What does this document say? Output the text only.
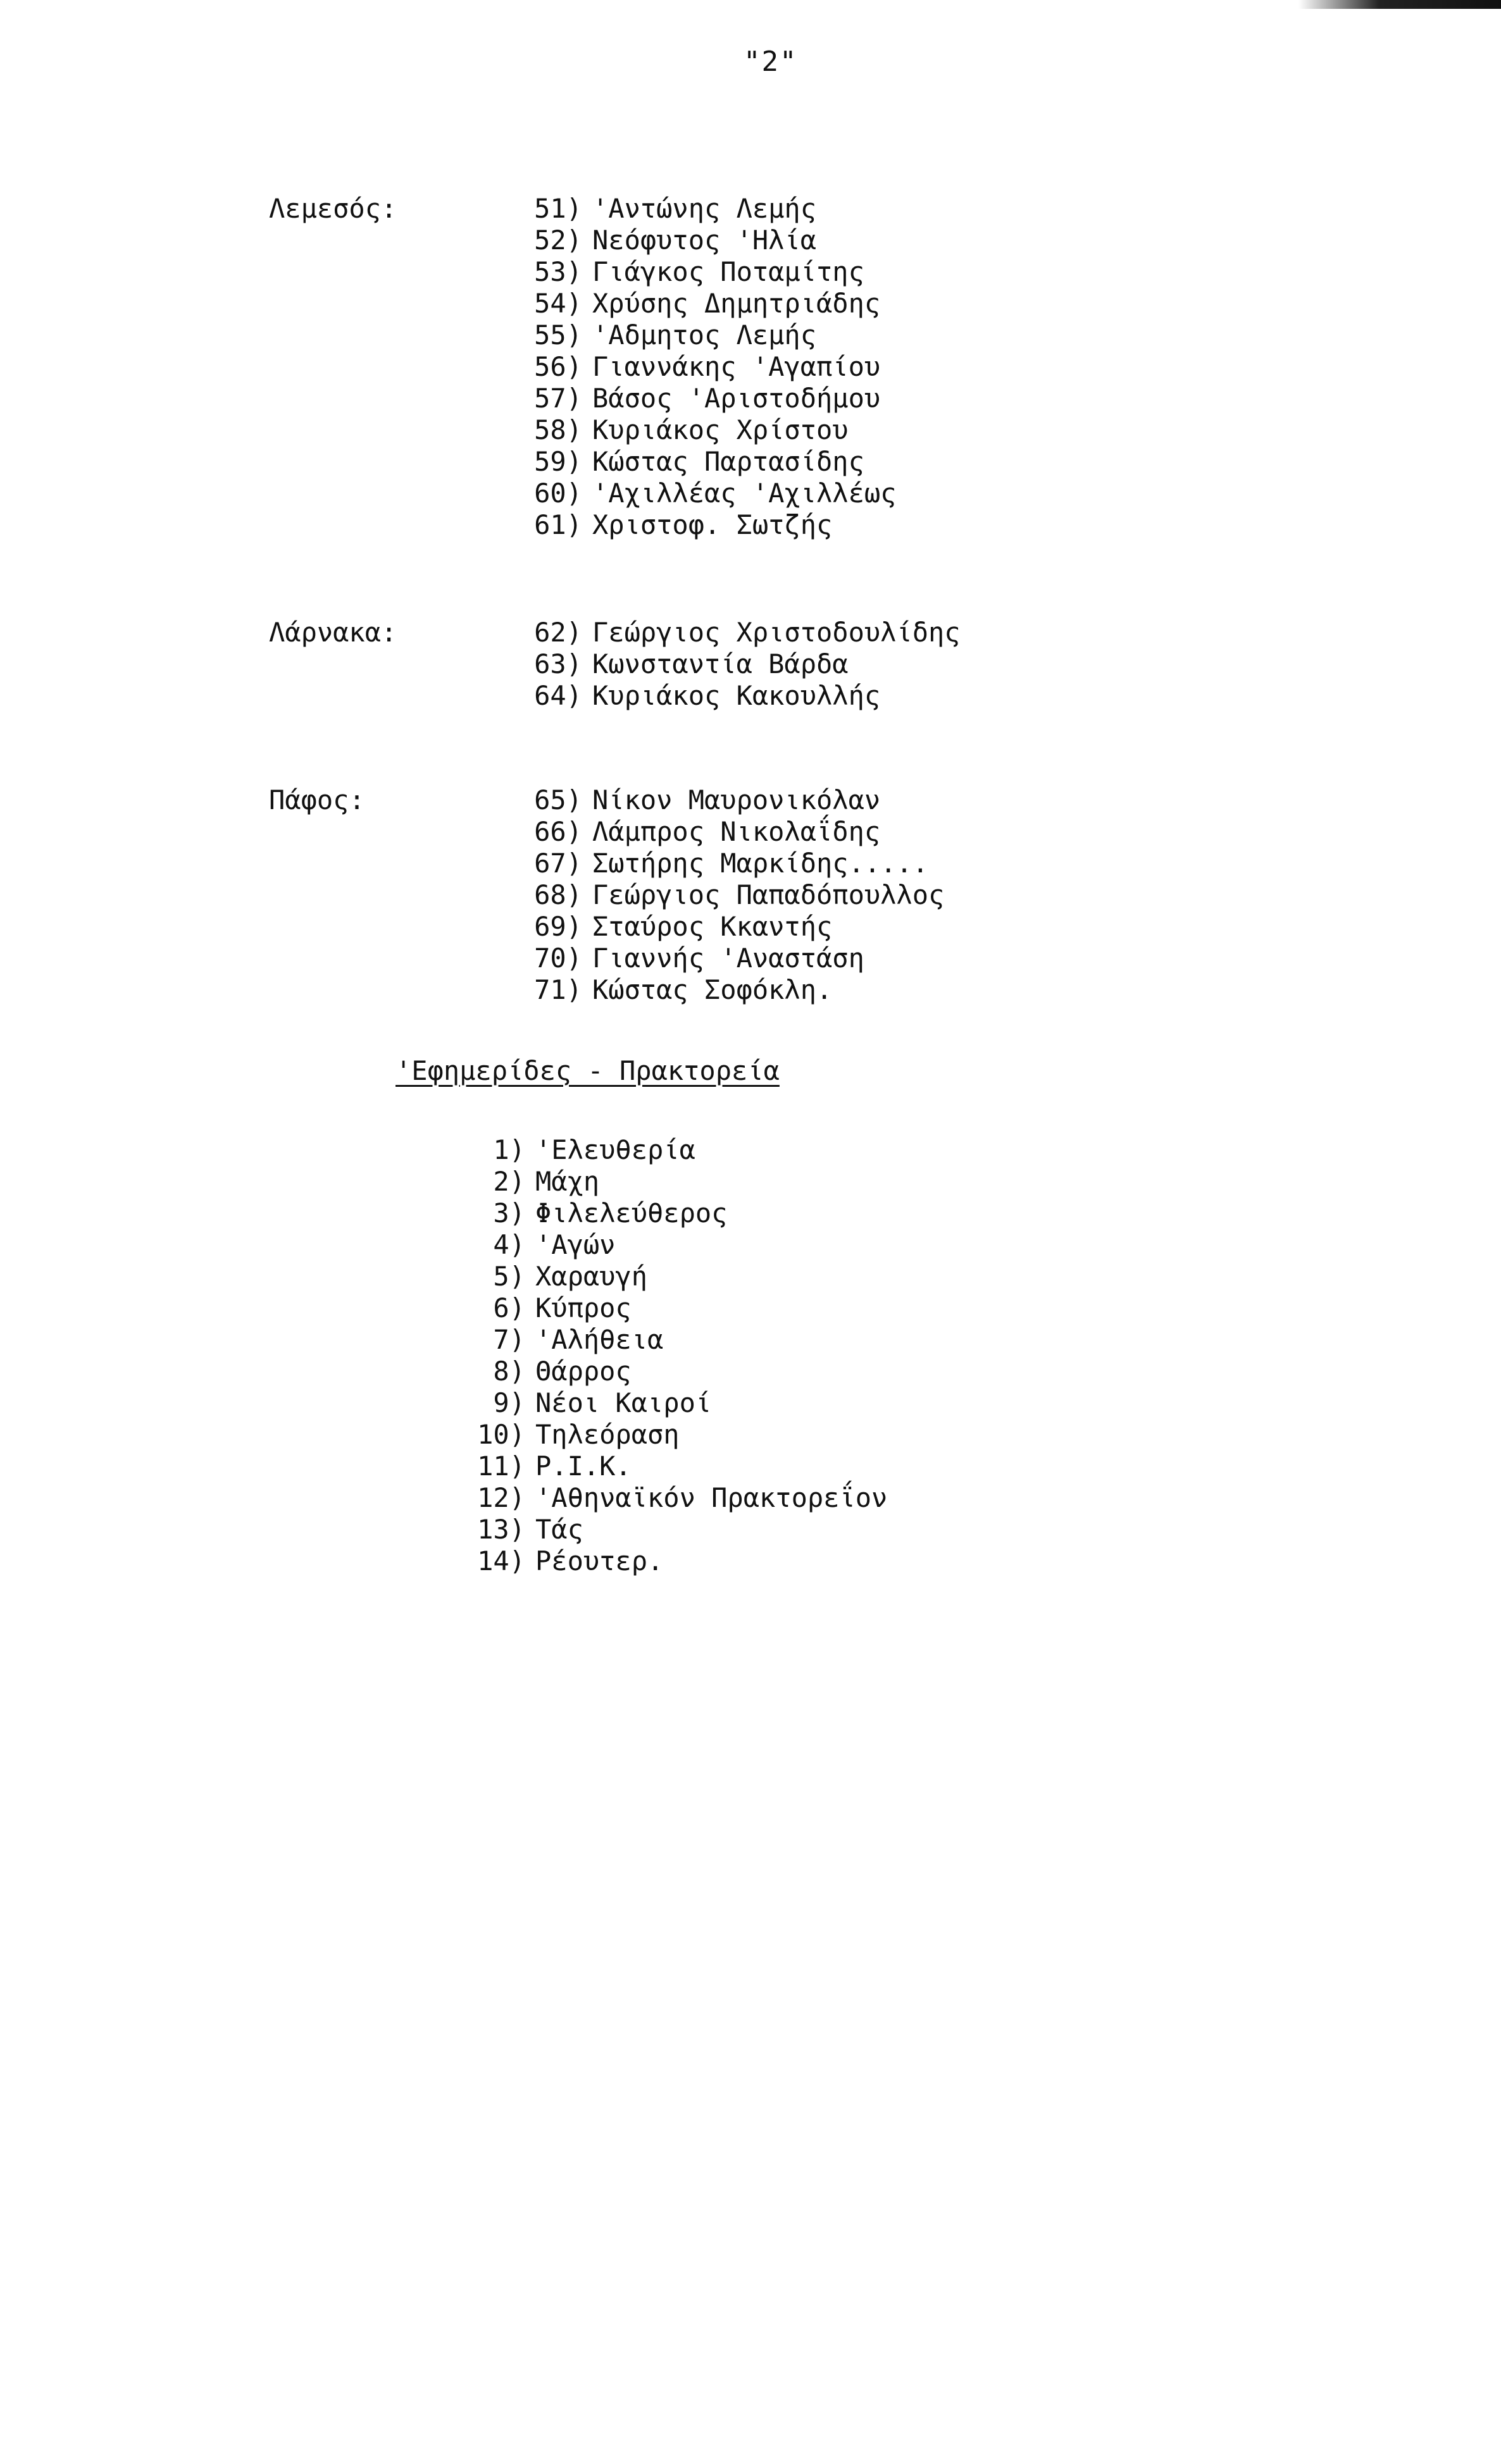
"2"
Λεμεσός:	51) 'Αντώνης Λεμής
52) Νεόφυτος 'Ηλία
53) Γιάγκος Ποταμίτης
54) Χρύσης Δημητριάδης
55) 'Αδμητος Λεμής
56) Γιαννάκης 'Αγαπίου
57) Βάσος 'Αριστοδήμου
58) Κυριάκος Χρίστου
59) Κώστας Παρτασίδης
60) 'Αχιλλέας 'Αχιλλέως
61) Χριστοφ. Σωτζής
Λάρνακα:	62) Γεώργιος Χριστοδουλίδης
63) Κωνσταντία Βάρδα
64) Κυριάκος Κακουλλής
Πάφος:	65) Νίκον Μαυρονικόλαν
66) Λάμπρος Νικολαΐδης
67) Σωτήρης Μαρκίδης.....
68) Γεώργιος Παπαδόπουλλος
69) Σταύρος Κκαντής
70) Γιαννής 'Αναστάση
71) Κώστας Σοφόκλη.
'Εφημερίδες - Πρακτορεία
1) 'Ελευθερία
2) Μάχη
3) Φιλελεύθερος
4) 'Αγών
5) Χαραυγή
6) Κύπρος
7) 'Αλήθεια
8) Θάρρος
9) Νέοι Καιροί
10) Τηλεόραση
11) Ρ.Ι.Κ.
12) 'Αθηναϊκόν Πρακτορεΐον
13) Τάς
14) Ρέουτερ.
